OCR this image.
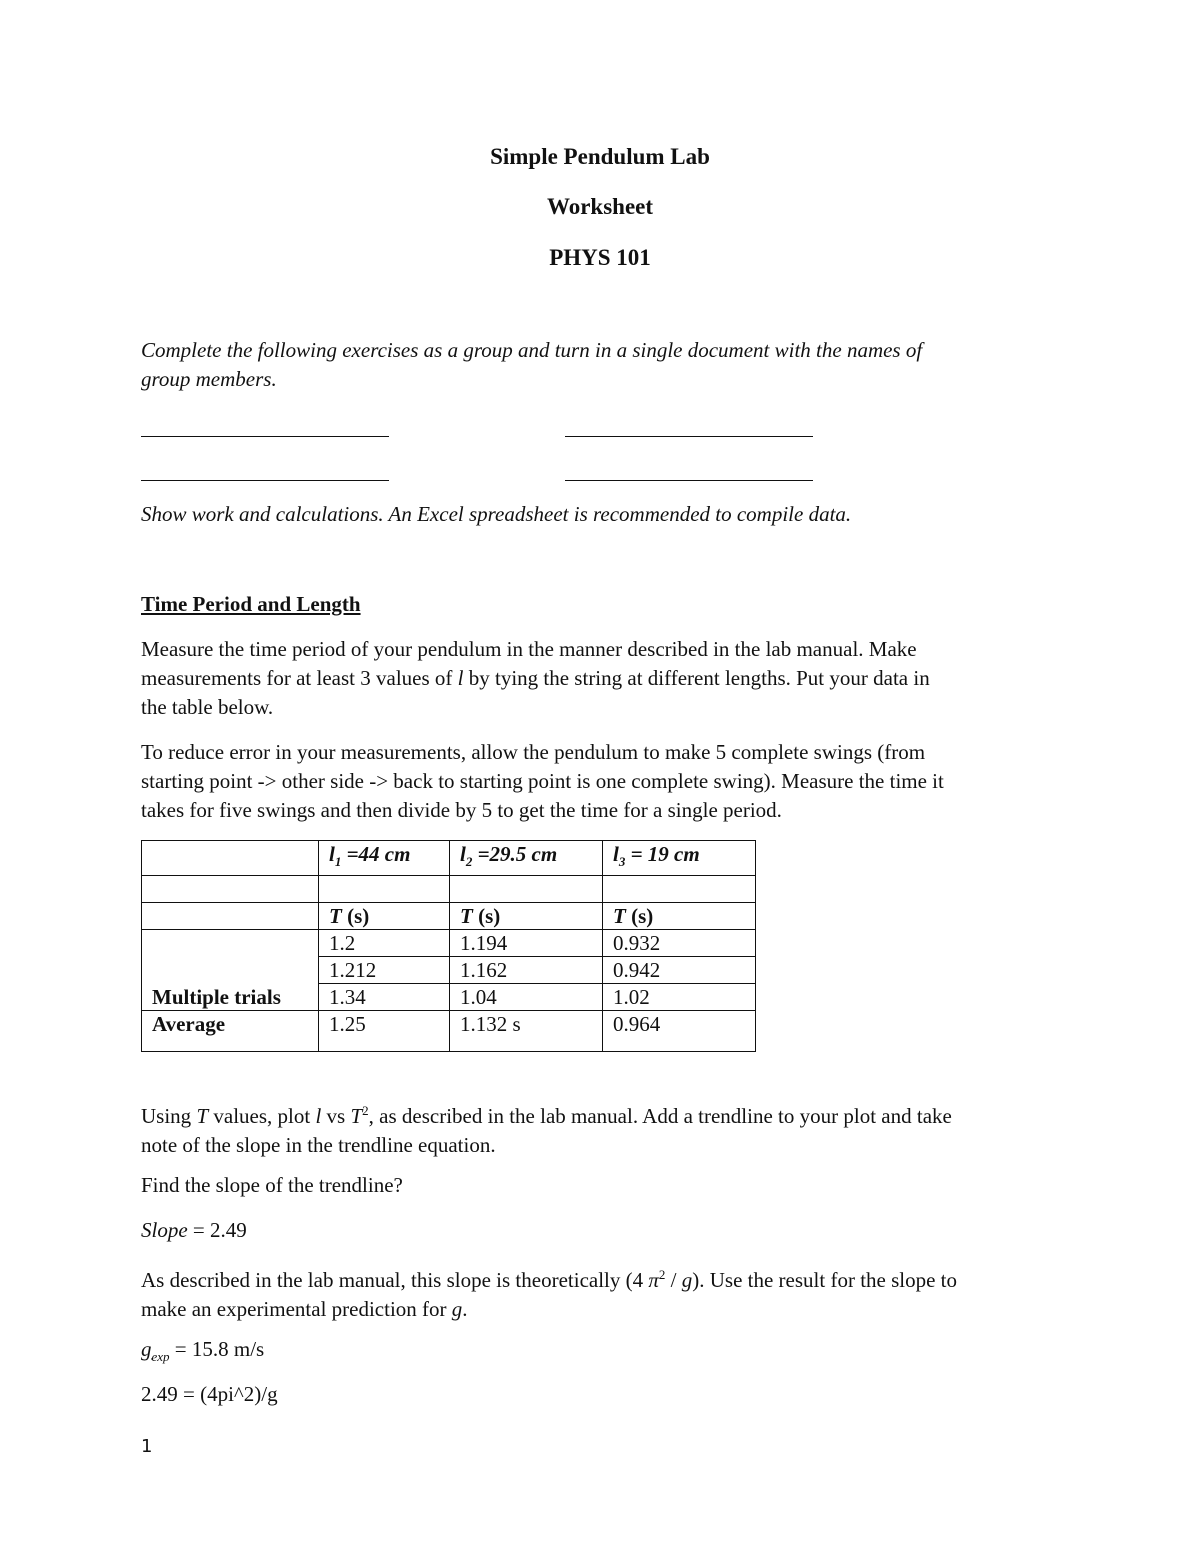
Simple Pendulum Lab
Worksheet
PHYS 101
Complete the following exercises as a group and turn in a single document with the names of
group members.
Show work and calculations. An Excel spreadsheet is recommended to compile data.
Time Period and Length
Measure the time period of your pendulum in the manner described in the lab manual. Make
measurements for at least 3 values of l by tying the string at different lengths. Put your data in
the table below.
To reduce error in your measurements, allow the pendulum to make 5 complete swings (from
starting point -> other side -> back to starting point is one complete swing). Measure the time it
takes for five swings and then divide by 5 to get the time for a single period.
	$l_1 =44$ cm	$l_2 =29.5$ cm	$l_3 = 19$ cm

	T (s)	T (s)	T (s)
Multiple trials	1.2	1.194	0.932
	1.212	1.162	0.942
	1.34	1.04	1.02
Average	1.25	1.132 s	0.964
Using T values, plot l vs $T^2$, as described in the lab manual. Add a trendline to your plot and take
note of the slope in the trendline equation.
Find the slope of the trendline?
Slope = 2.49
As described in the lab manual, this slope is theoretically (4 $\pi^2 / g$). Use the result for the slope to
make an experimental prediction for g.
$g_{exp} = 15.8$ m/s
2.49 = (4pi^2)/g
1
